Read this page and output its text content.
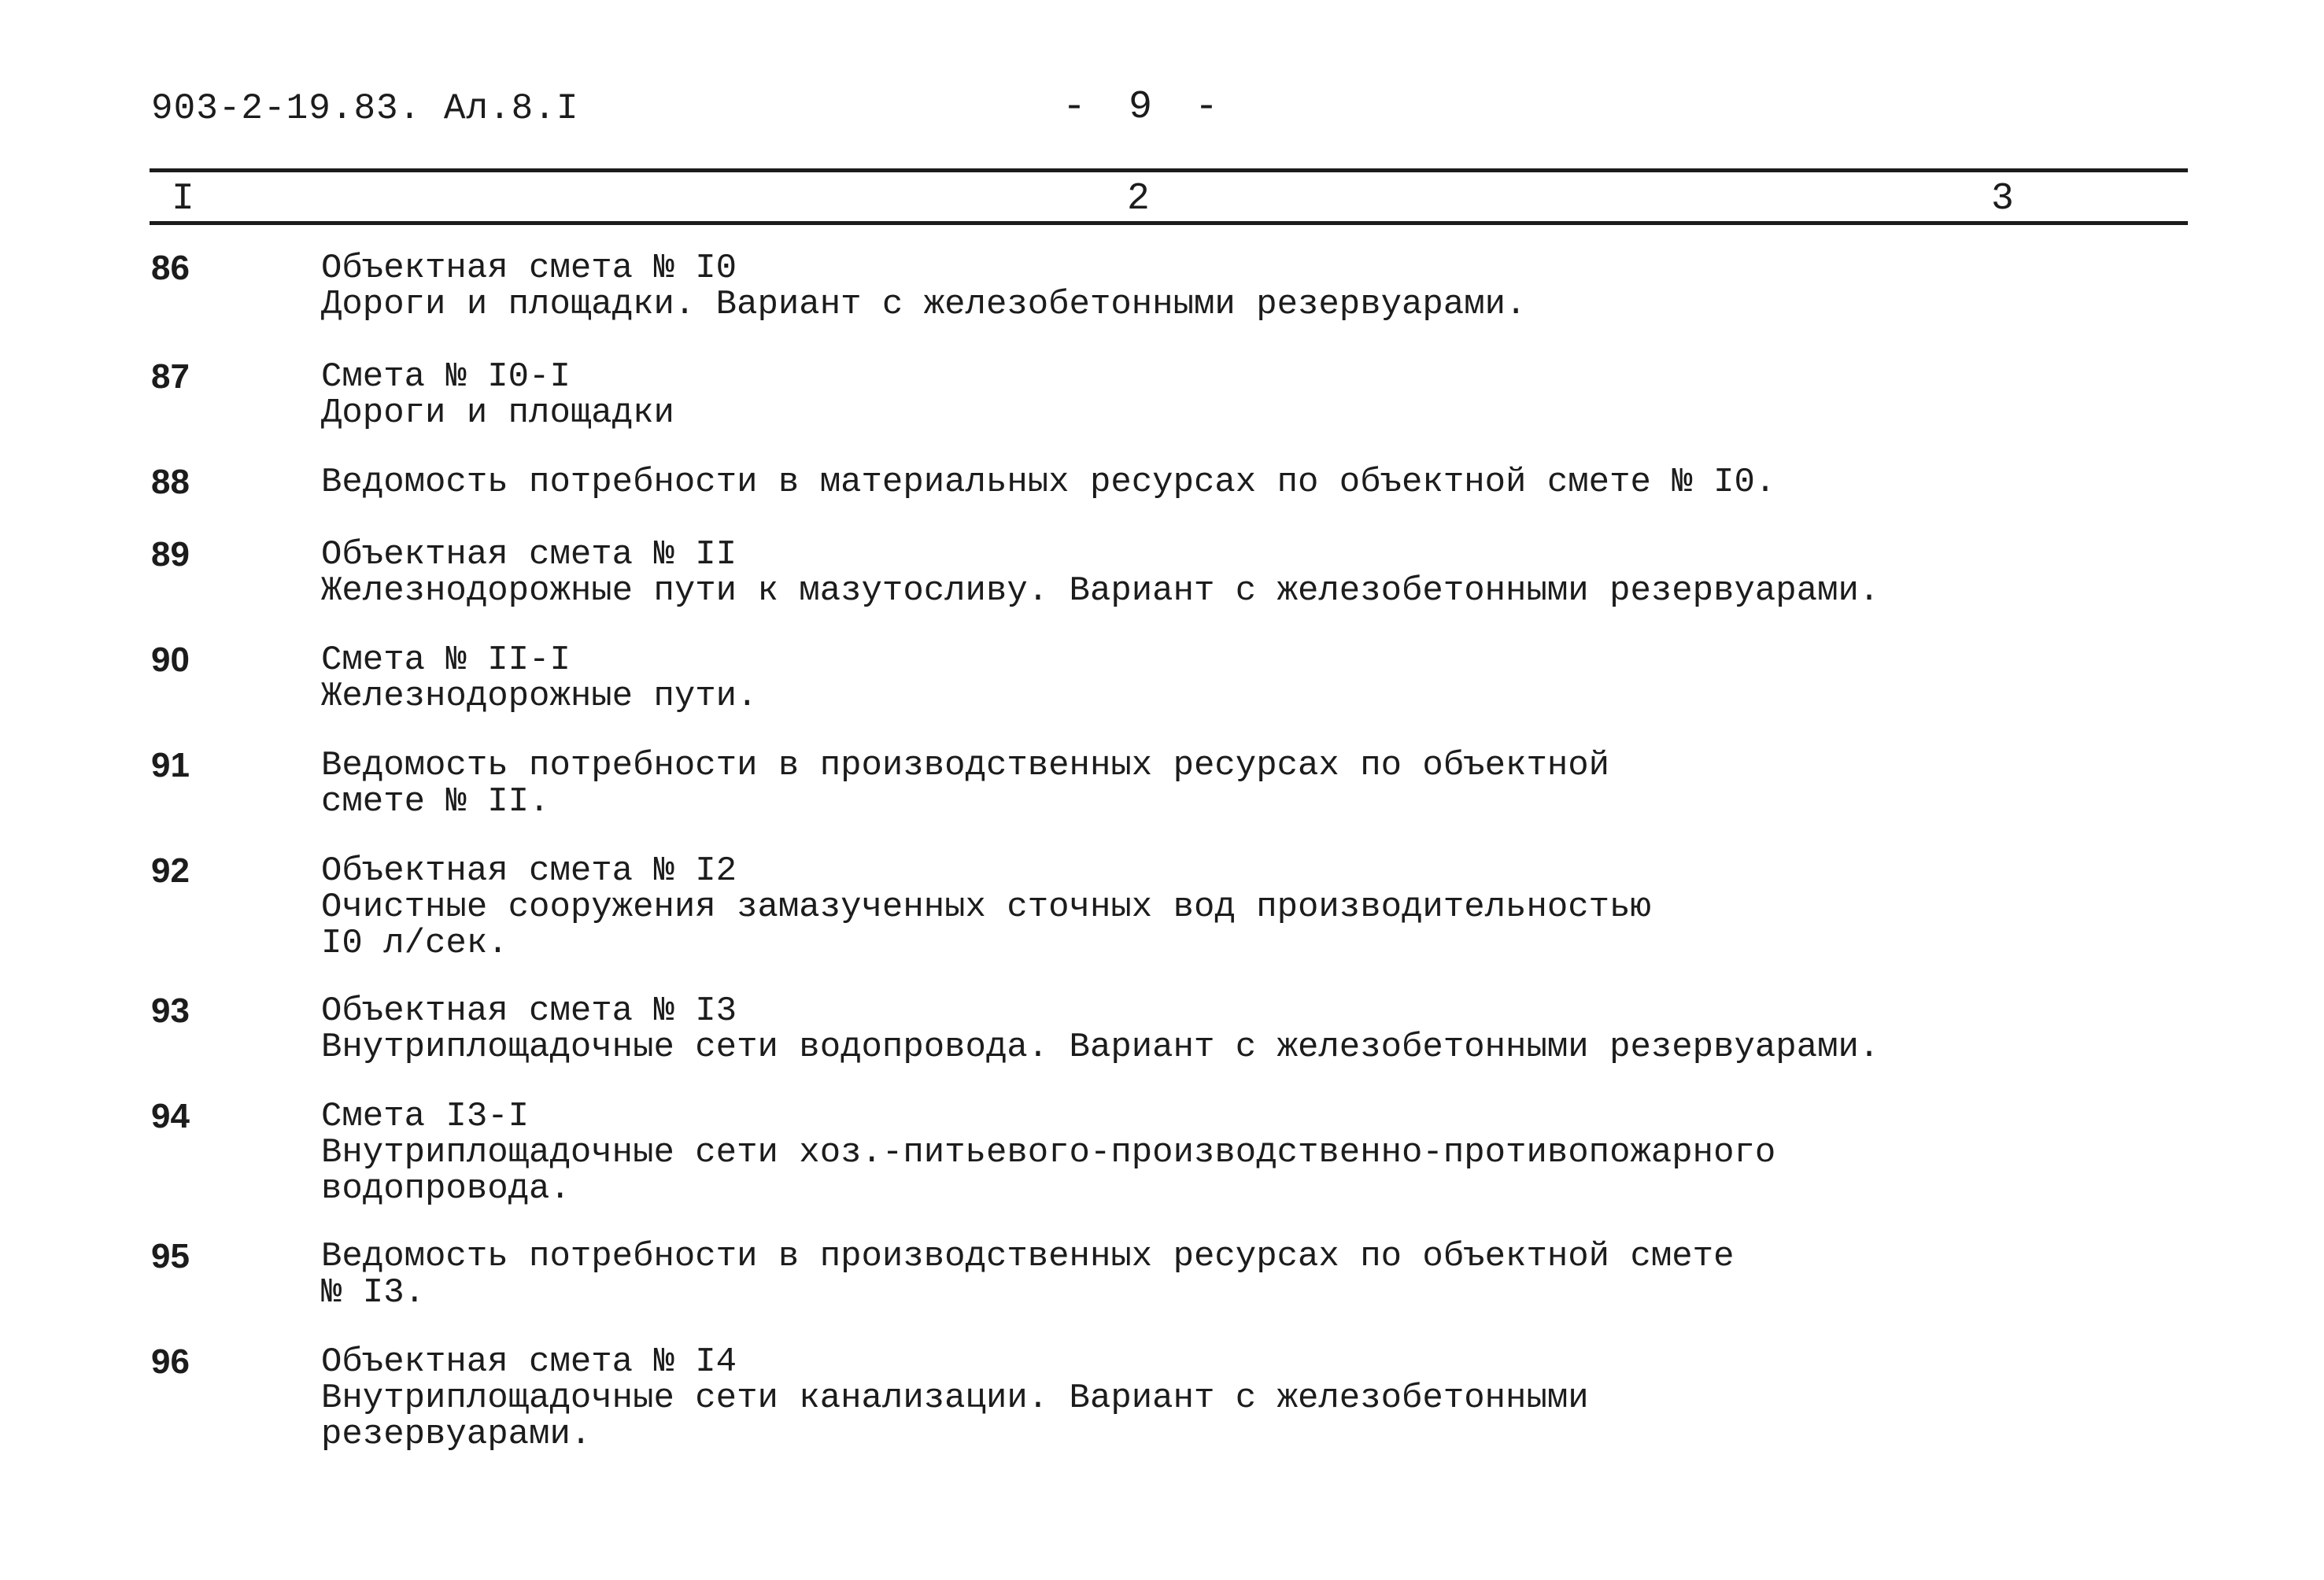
903-2-19.83. Ал.8.I	- 9 -
I	2	3
86	Объектная смета № I0
Дороги и площадки. Вариант с железобетонными резервуарами.
87	Смета № I0-I
Дороги и площадки
88	Ведомость потребности в материальных ресурсах по объектной смете № I0.
89	Объектная смета № II
Железнодорожные пути к мазутосливу. Вариант с железобетонными резервуарами.
90	Смета № II-I
Железнодорожные пути.
91	Ведомость потребности в производственных ресурсах по объектной
смете № II.
92	Объектная смета № I2
Очистные сооружения замазученных сточных вод производительностью
I0 л/сек.
93	Объектная смета № I3
Внутриплощадочные сети водопровода. Вариант с железобетонными резервуарами.
94	Смета I3-I
Внутриплощадочные сети хоз.-питьевого-производственно-противопожарного
водопровода.
95	Ведомость потребности в производственных ресурсах по объектной смете
№ I3.
96	Объектная смета № I4
Внутриплощадочные сети канализации. Вариант с железобетонными
резервуарами.
